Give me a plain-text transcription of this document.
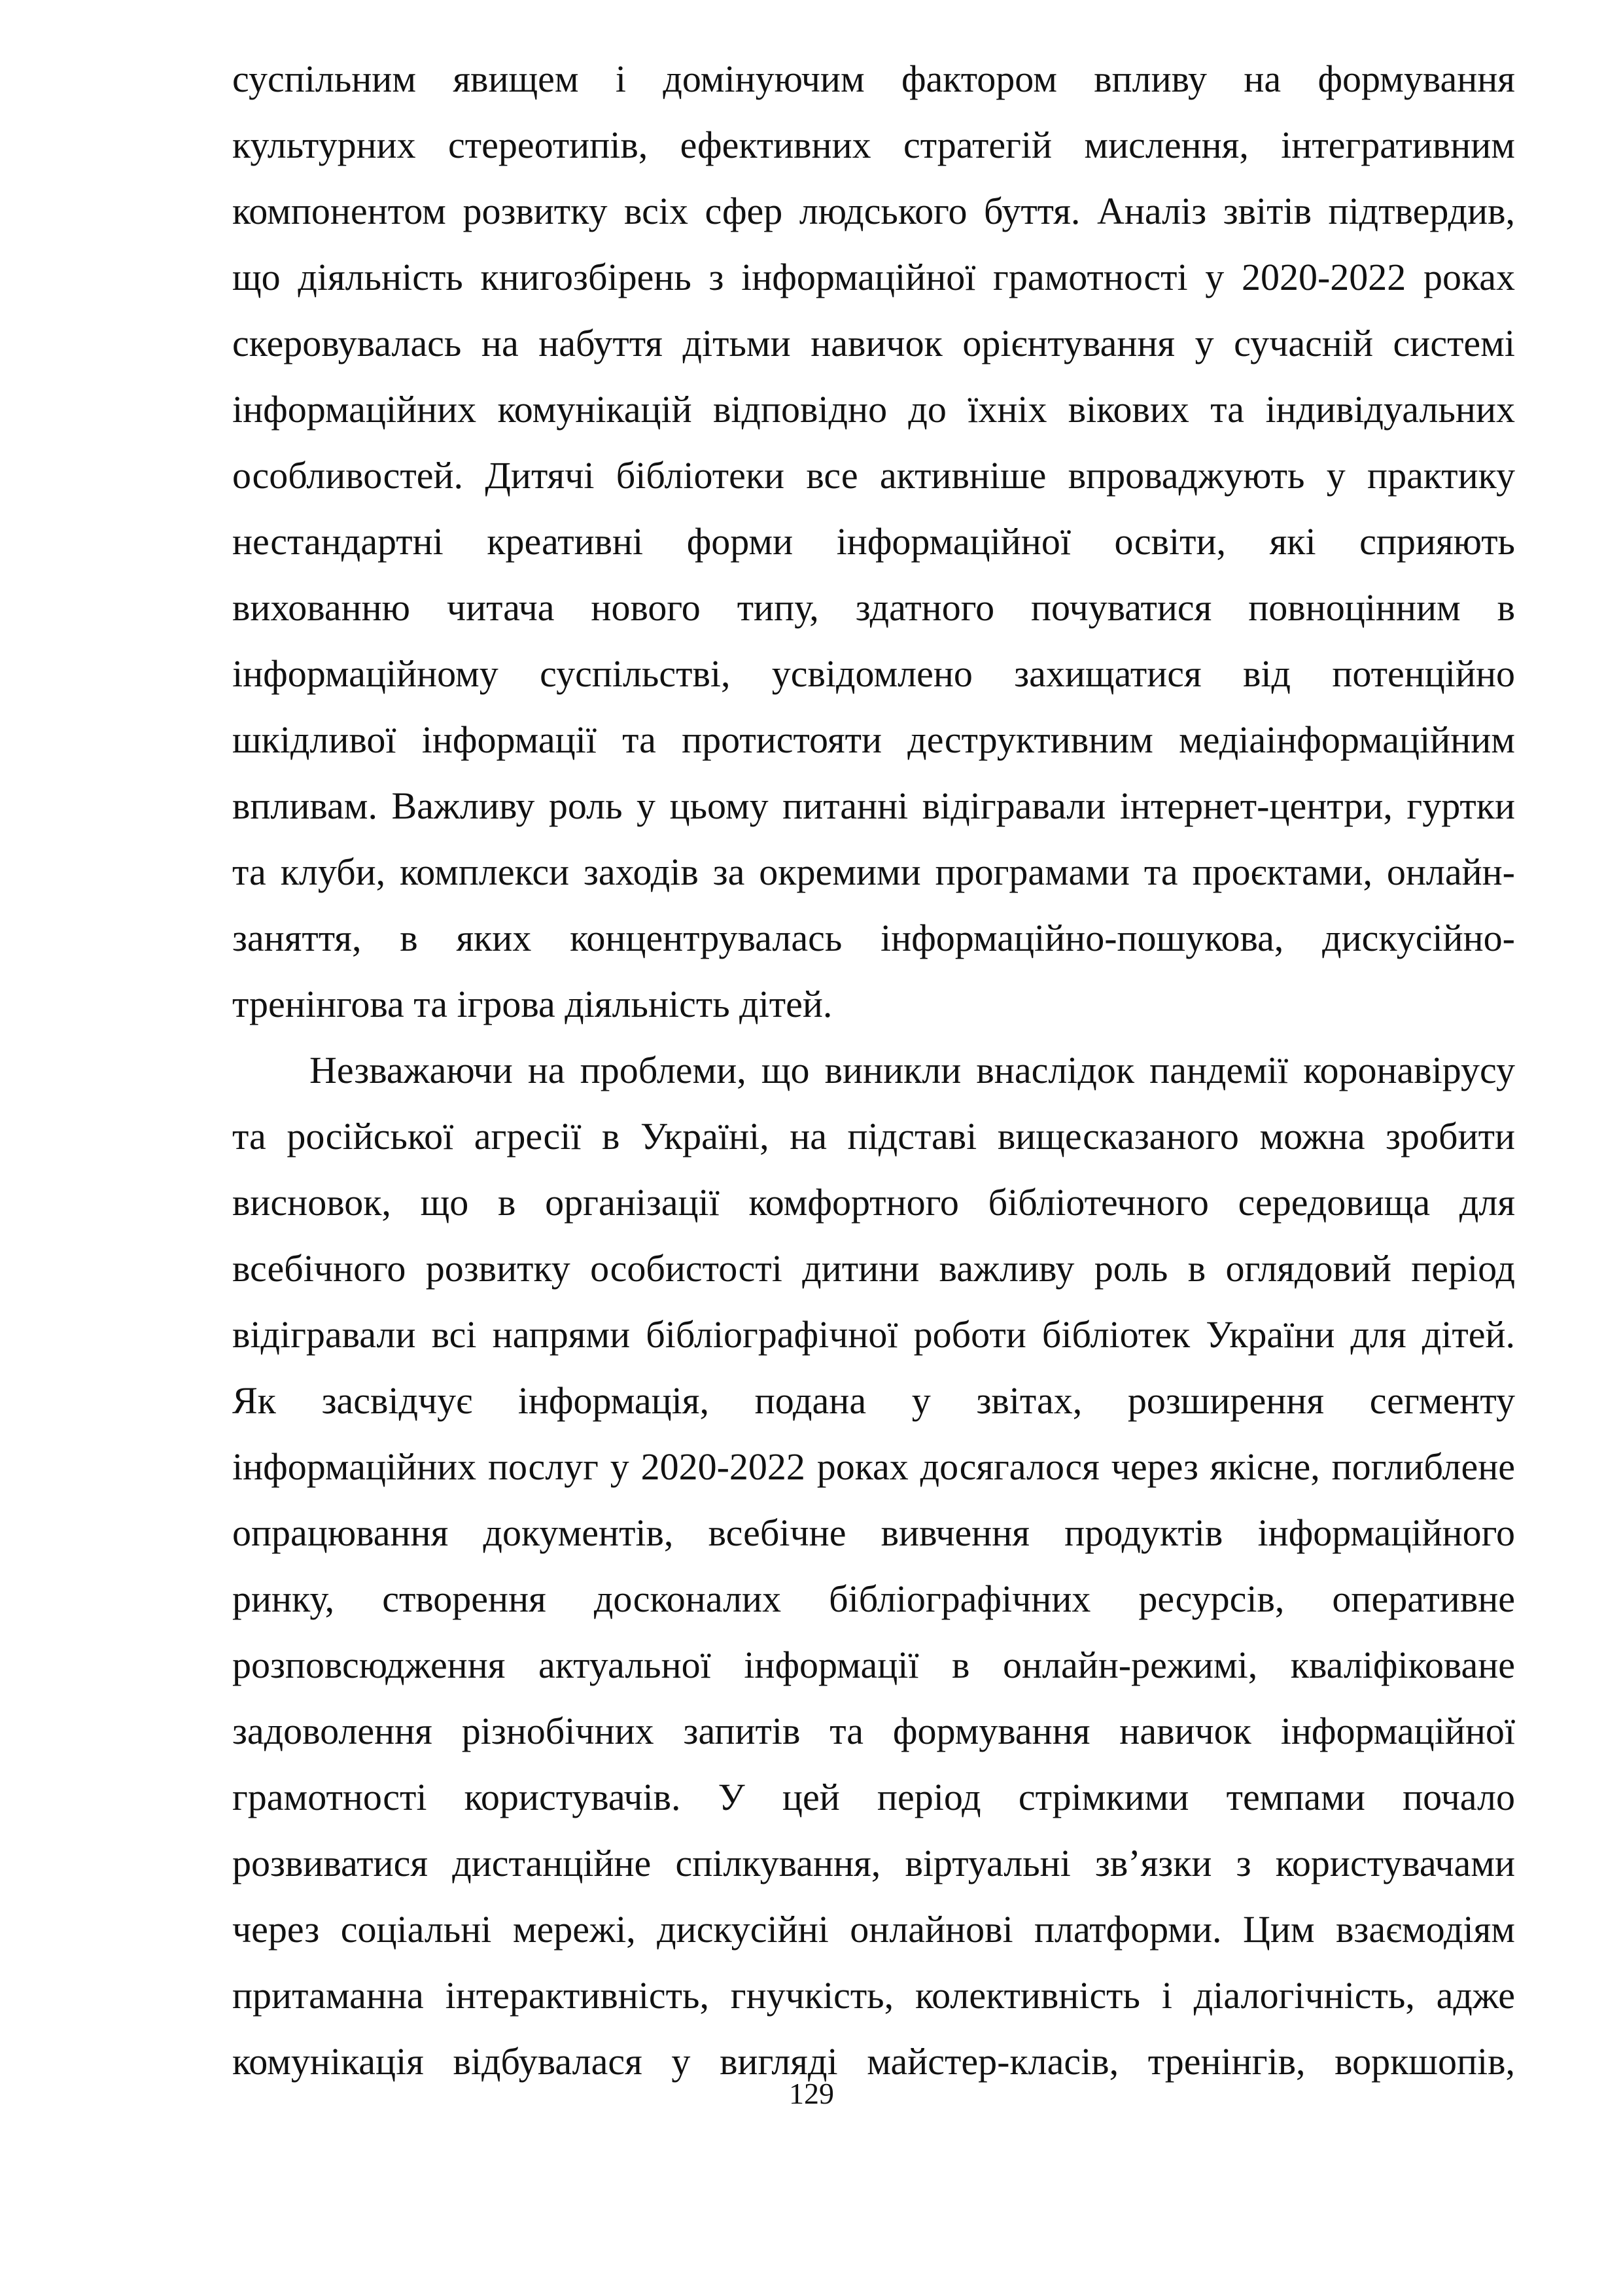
суспільним явищем і домінуючим фактором впливу на формування
культурних стереотипів, ефективних стратегій мислення, інтегративним
компонентом розвитку всіх сфер людського буття. Аналіз звітів підтвердив,
що діяльність книгозбірень з інформаційної грамотності у 2020-2022 роках
скеровувалась на набуття дітьми навичок орієнтування у сучасній системі
інформаційних комунікацій відповідно до їхніх вікових та індивідуальних
особливостей. Дитячі бібліотеки все активніше впроваджують у практику
нестандартні креативні форми інформаційної освіти, які сприяють
вихованню читача нового типу, здатного почуватися повноцінним в
інформаційному суспільстві, усвідомлено захищатися від потенційно
шкідливої інформації та протистояти деструктивним медіаінформаційним
впливам. Важливу роль у цьому питанні відігравали інтернет-центри, гуртки
та клуби, комплекси заходів за окремими програмами та проєктами, онлайн-
заняття, в яких концентрувалась інформаційно-пошукова, дискусійно-
тренінгова та ігрова діяльність дітей.
Незважаючи на проблеми, що виникли внаслідок пандемії коронавірусу
та російської агресії в Україні, на підставі вищесказаного можна зробити
висновок, що в організації комфортного бібліотечного середовища для
всебічного розвитку особистості дитини важливу роль в оглядовий період
відігравали всі напрями бібліографічної роботи бібліотек України для дітей.
Як засвідчує інформація, подана у звітах, розширення сегменту
інформаційних послуг у 2020-2022 роках досягалося через якісне, поглиблене
опрацювання документів, всебічне вивчення продуктів інформаційного
ринку, створення досконалих бібліографічних ресурсів, оперативне
розповсюдження актуальної інформації в онлайн-режимі, кваліфіковане
задоволення різнобічних запитів та формування навичок інформаційної
грамотності користувачів. У цей період стрімкими темпами почало
розвиватися дистанційне спілкування, віртуальні зв’язки з користувачами
через соціальні мережі, дискусійні онлайнові платформи. Цим взаємодіям
притаманна інтерактивність, гнучкість, колективність і діалогічність, адже
комунікація відбувалася у вигляді майстер-класів, тренінгів, воркшопів,
129
